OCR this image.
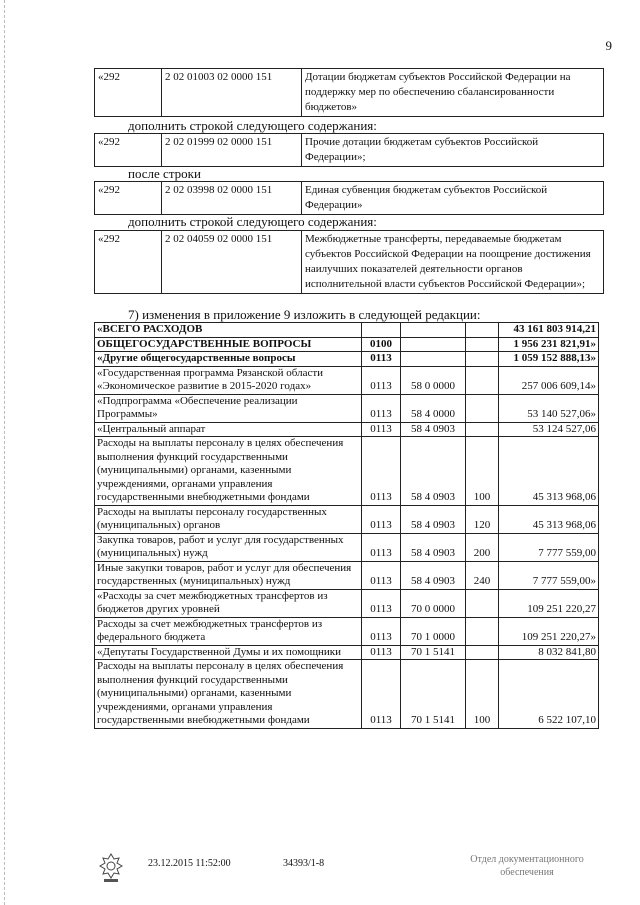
9
«292	2 02 01003 02 0000 151	Дотации бюджетам субъектов Российской Федерации на поддержку мер по обеспечению сбалансированности бюджетов»
дополнить строкой следующего содержания:
«292	2 02 01999 02 0000 151	Прочие дотации бюджетам субъектов Российской Федерации»;
после строки
«292	2 02 03998 02 0000 151	Единая субвенция бюджетам субъектов Российской Федерации»
дополнить строкой следующего содержания:
«292	2 02 04059 02 0000 151	Межбюджетные трансферты, передаваемые бюджетам субъектов Российской Федерации на поощрение достижения наилучших показателей деятельности органов исполнительной власти субъектов Российской Федерации»;
7) изменения в приложение 9 изложить в следующей редакции:
«ВСЕГО РАСХОДОВ				43 161 803 914,21
ОБЩЕГОСУДАРСТВЕННЫЕ ВОПРОСЫ	0100			1 956 231 821,91»
«Другие общегосударственные вопросы	0113			1 059 152 888,13»
«Государственная программа Рязанской области «Экономическое развитие в 2015-2020 годах»	0113	58 0 0000		257 006 609,14»
«Подпрограмма «Обеспечение реализации Программы»	0113	58 4 0000		53 140 527,06»
«Центральный аппарат	0113	58 4 0903		53 124 527,06
Расходы на выплаты персоналу в целях обеспечения выполнения функций государственными (муниципальными) органами, казенными учреждениями, органами управления государственными внебюджетными фондами	0113	58 4 0903	100	45 313 968,06
Расходы на выплаты персоналу государственных (муниципальных) органов	0113	58 4 0903	120	45 313 968,06
Закупка товаров, работ и услуг для государственных (муниципальных) нужд	0113	58 4 0903	200	7 777 559,00
Иные закупки товаров, работ и услуг для обеспечения государственных (муниципальных) нужд	0113	58 4 0903	240	7 777 559,00»
«Расходы за счет межбюджетных трансфертов из бюджетов других уровней	0113	70 0 0000		109 251 220,27
Расходы за счет межбюджетных трансфертов из федерального бюджета	0113	70 1 0000		109 251 220,27»
«Депутаты Государственной Думы и их помощники	0113	70 1 5141		8 032 841,80
Расходы на выплаты персоналу в целях обеспечения выполнения функций государственными (муниципальными) органами, казенными учреждениями, органами управления государственными внебюджетными фондами	0113	70 1 5141	100	6 522 107,10
23.12.2015 11:52:00	34393/1-8	Отдел документационного обеспечения
